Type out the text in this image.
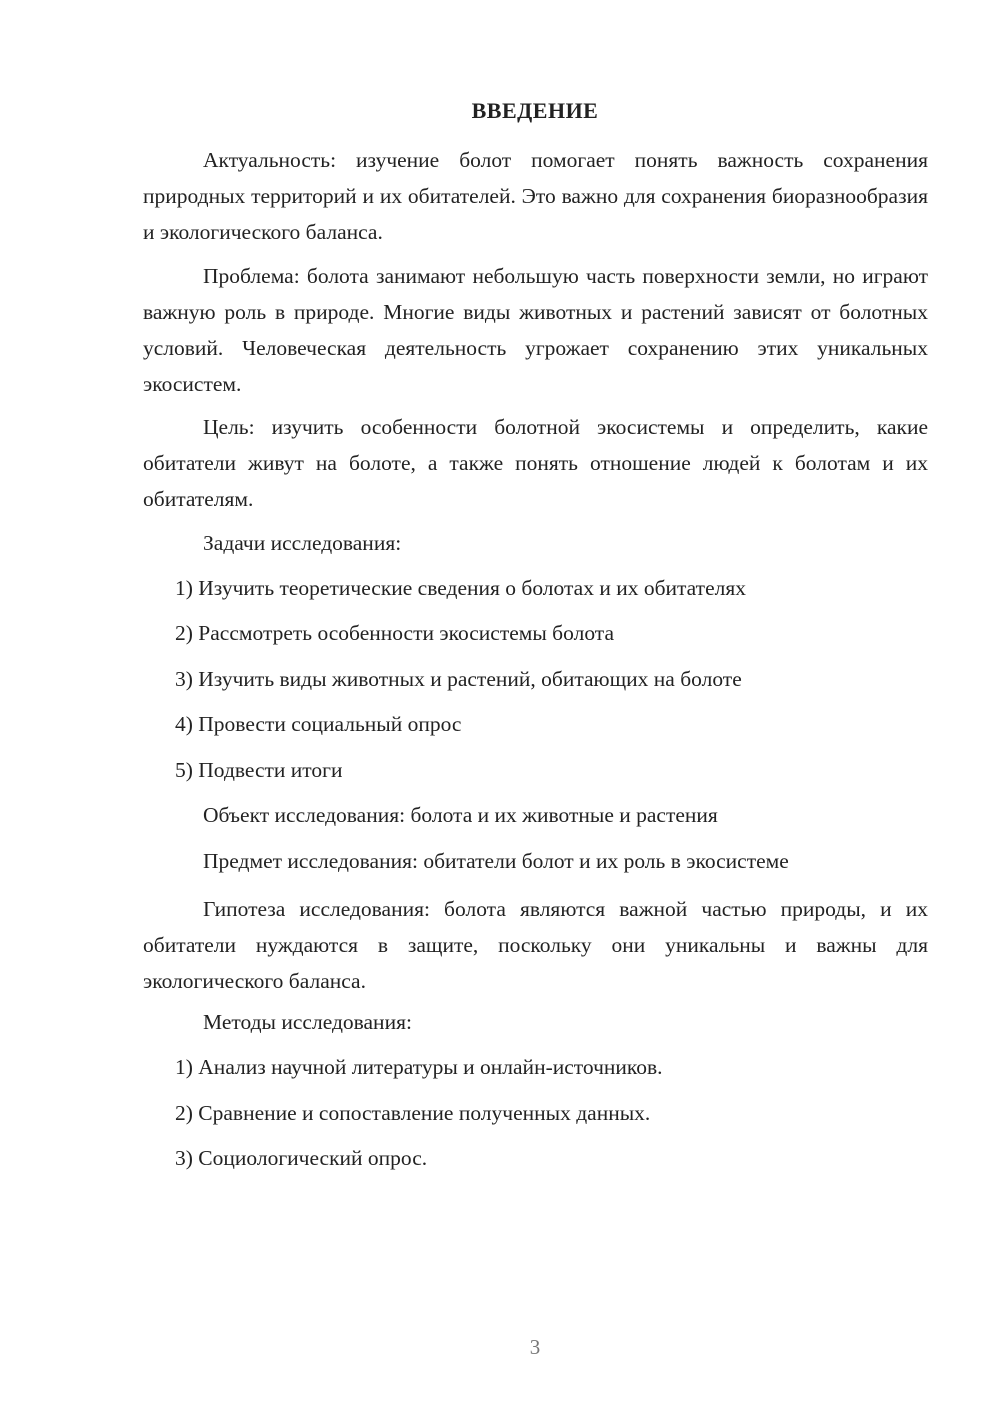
ВВЕДЕНИЕ

Актуальность: изучение болот помогает понять важность сохранения природных территорий и их обитателей. Это важно для сохранения биоразнообразия и экологического баланса.

Проблема: болота занимают небольшую часть поверхности земли, но играют важную роль в природе. Многие виды животных и растений зависят от болотных условий. Человеческая деятельность угрожает сохранению этих уникальных экосистем.

Цель: изучить особенности болотной экосистемы и определить, какие обитатели живут на болоте, а также понять отношение людей к болотам и их обитателям.

Задачи исследования:
1) Изучить теоретические сведения о болотах и их обитателях
2) Рассмотреть особенности экосистемы болота
3) Изучить виды животных и растений, обитающих на болоте
4) Провести социальный опрос
5) Подвести итоги
Объект исследования: болота и их животные и растения
Предмет исследования: обитатели болот и их роль в экосистеме

Гипотеза исследования: болота являются важной частью природы, и их обитатели нуждаются в защите, поскольку они уникальны и важны для экологического баланса.

Методы исследования:
1) Анализ научной литературы и онлайн-источников.
2) Сравнение и сопоставление полученных данных.
3) Социологический опрос.
3
